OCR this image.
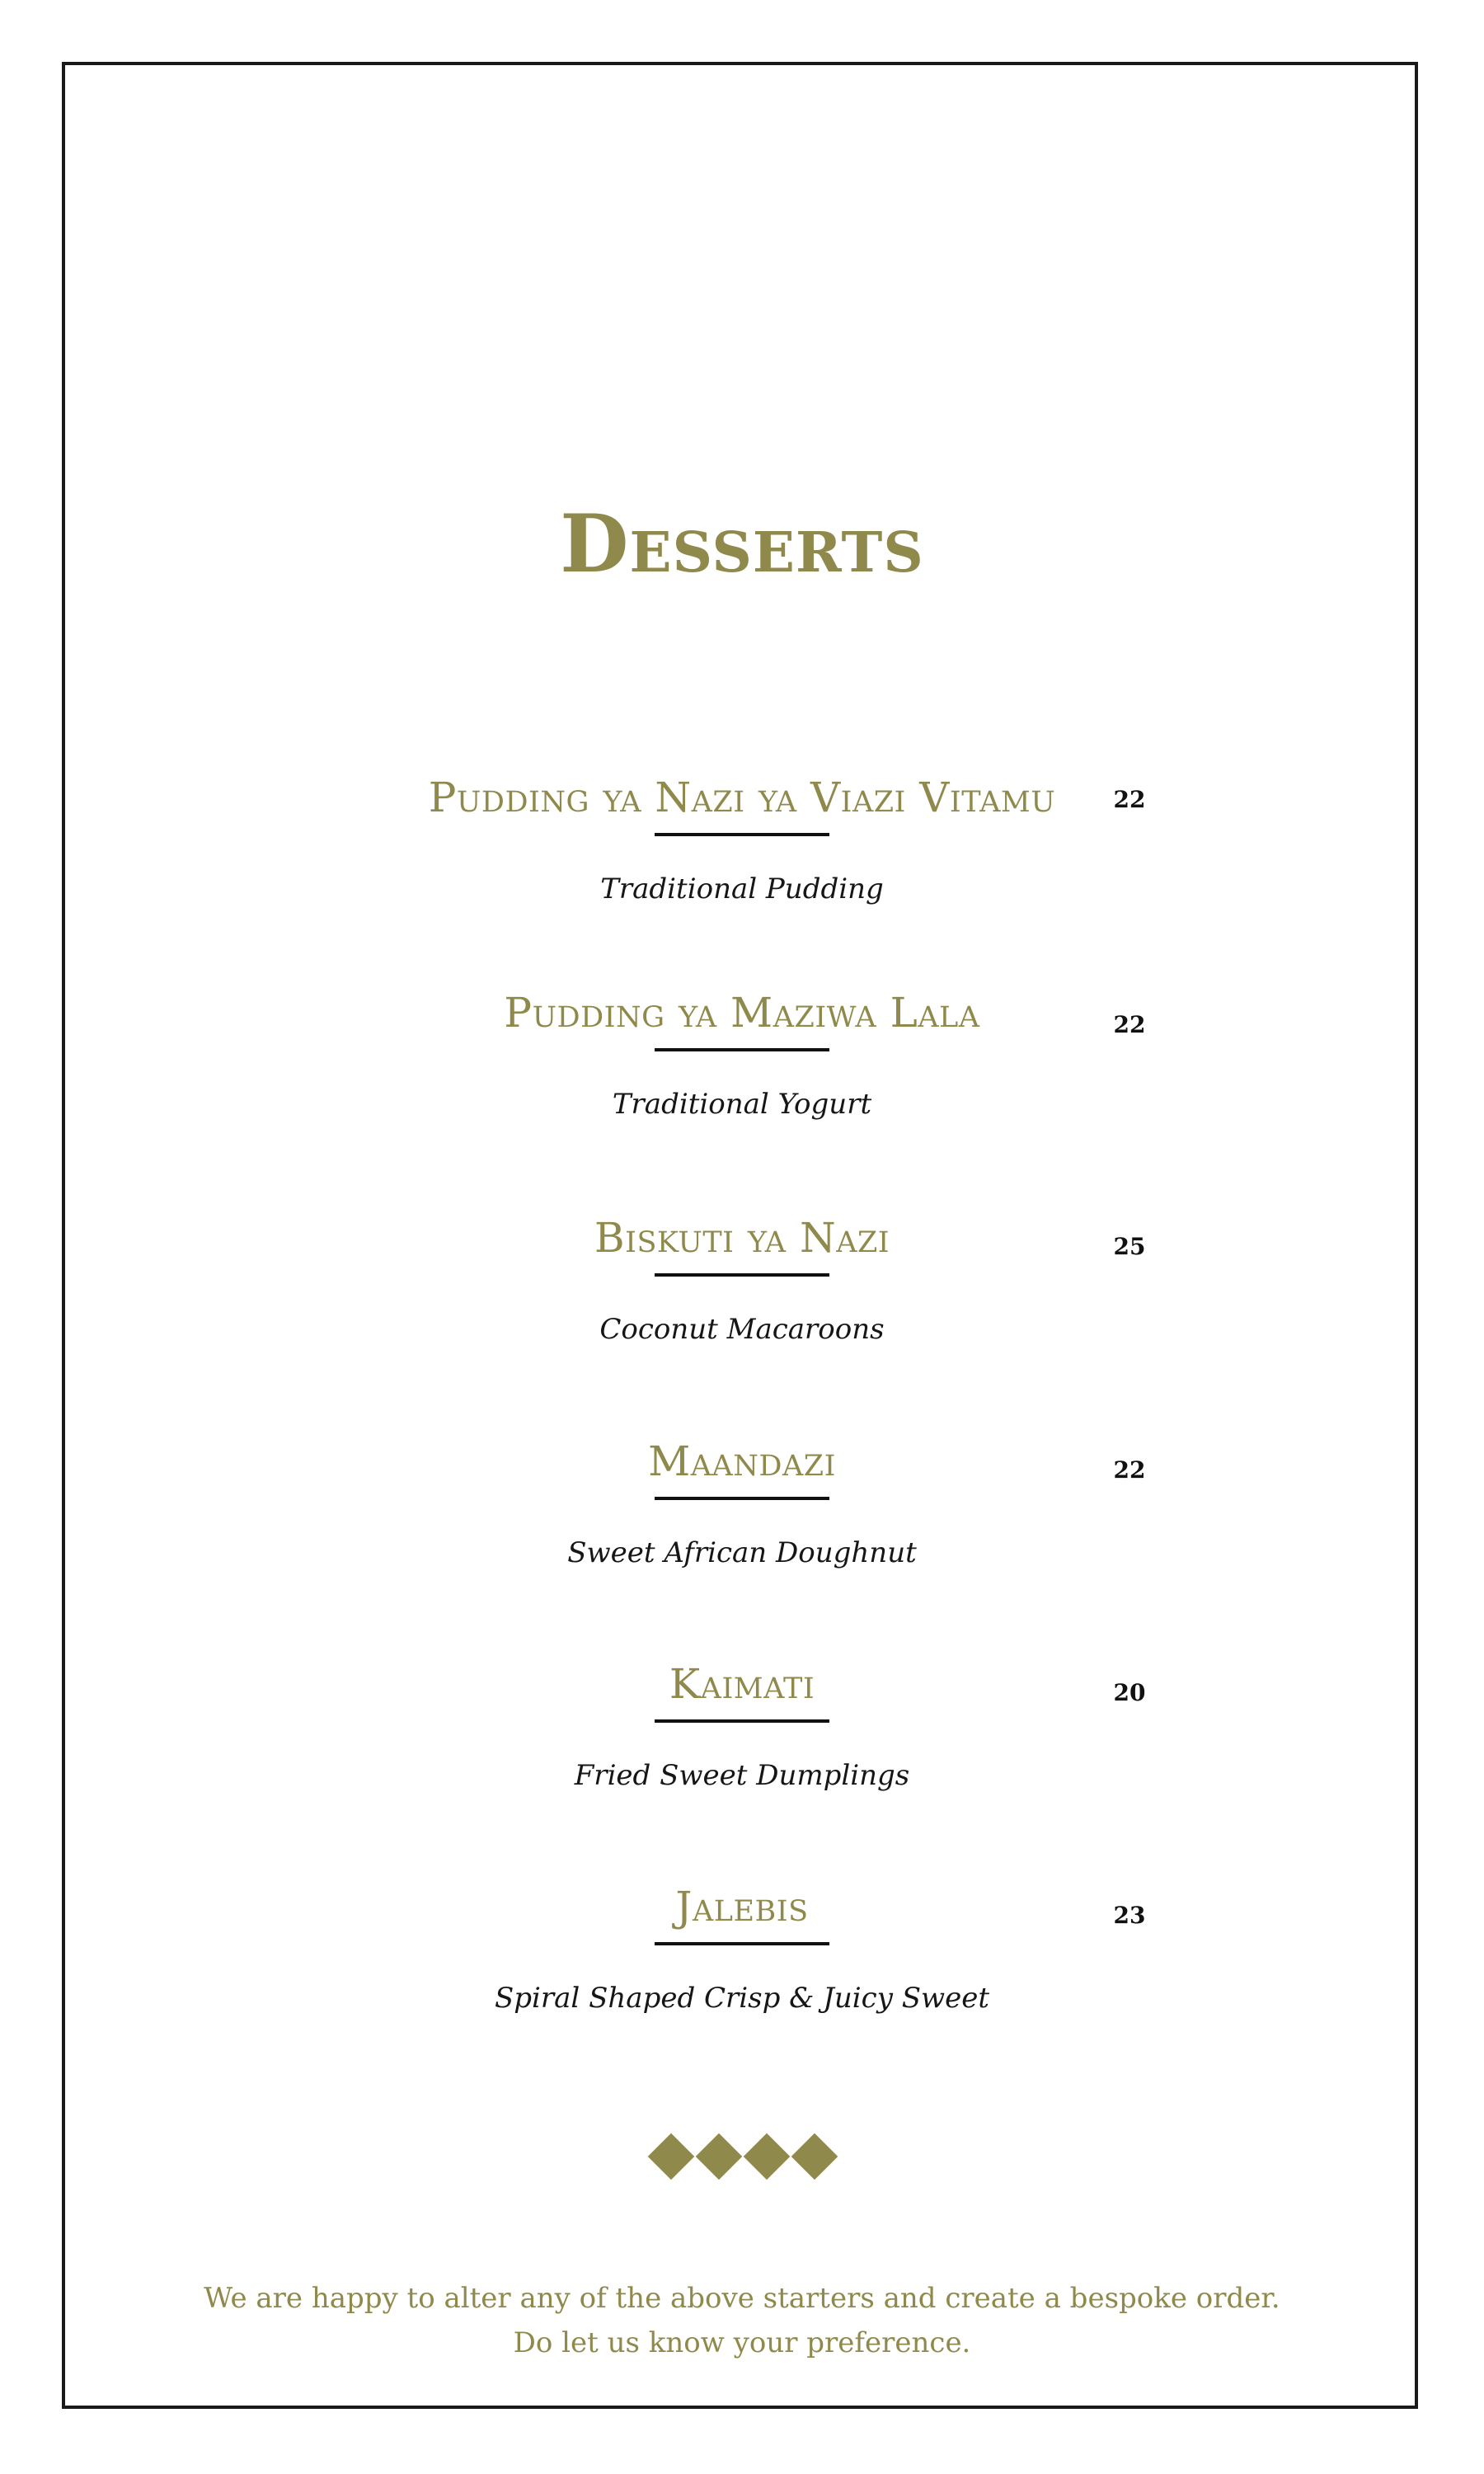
Desserts
Pudding ya Nazi ya Viazi Vitamu
Traditional Pudding
22
Pudding ya Maziwa Lala
Traditional Yogurt
22
Biskuti ya Nazi
Coconut Macaroons
25
Maandazi
Sweet African Doughnut
22
Kaimati
Fried Sweet Dumplings
20
Jalebis
Spiral Shaped Crisp & Juicy Sweet
23
We are happy to alter any of the above starters and create a bespoke order.
Do let us know your preference.
